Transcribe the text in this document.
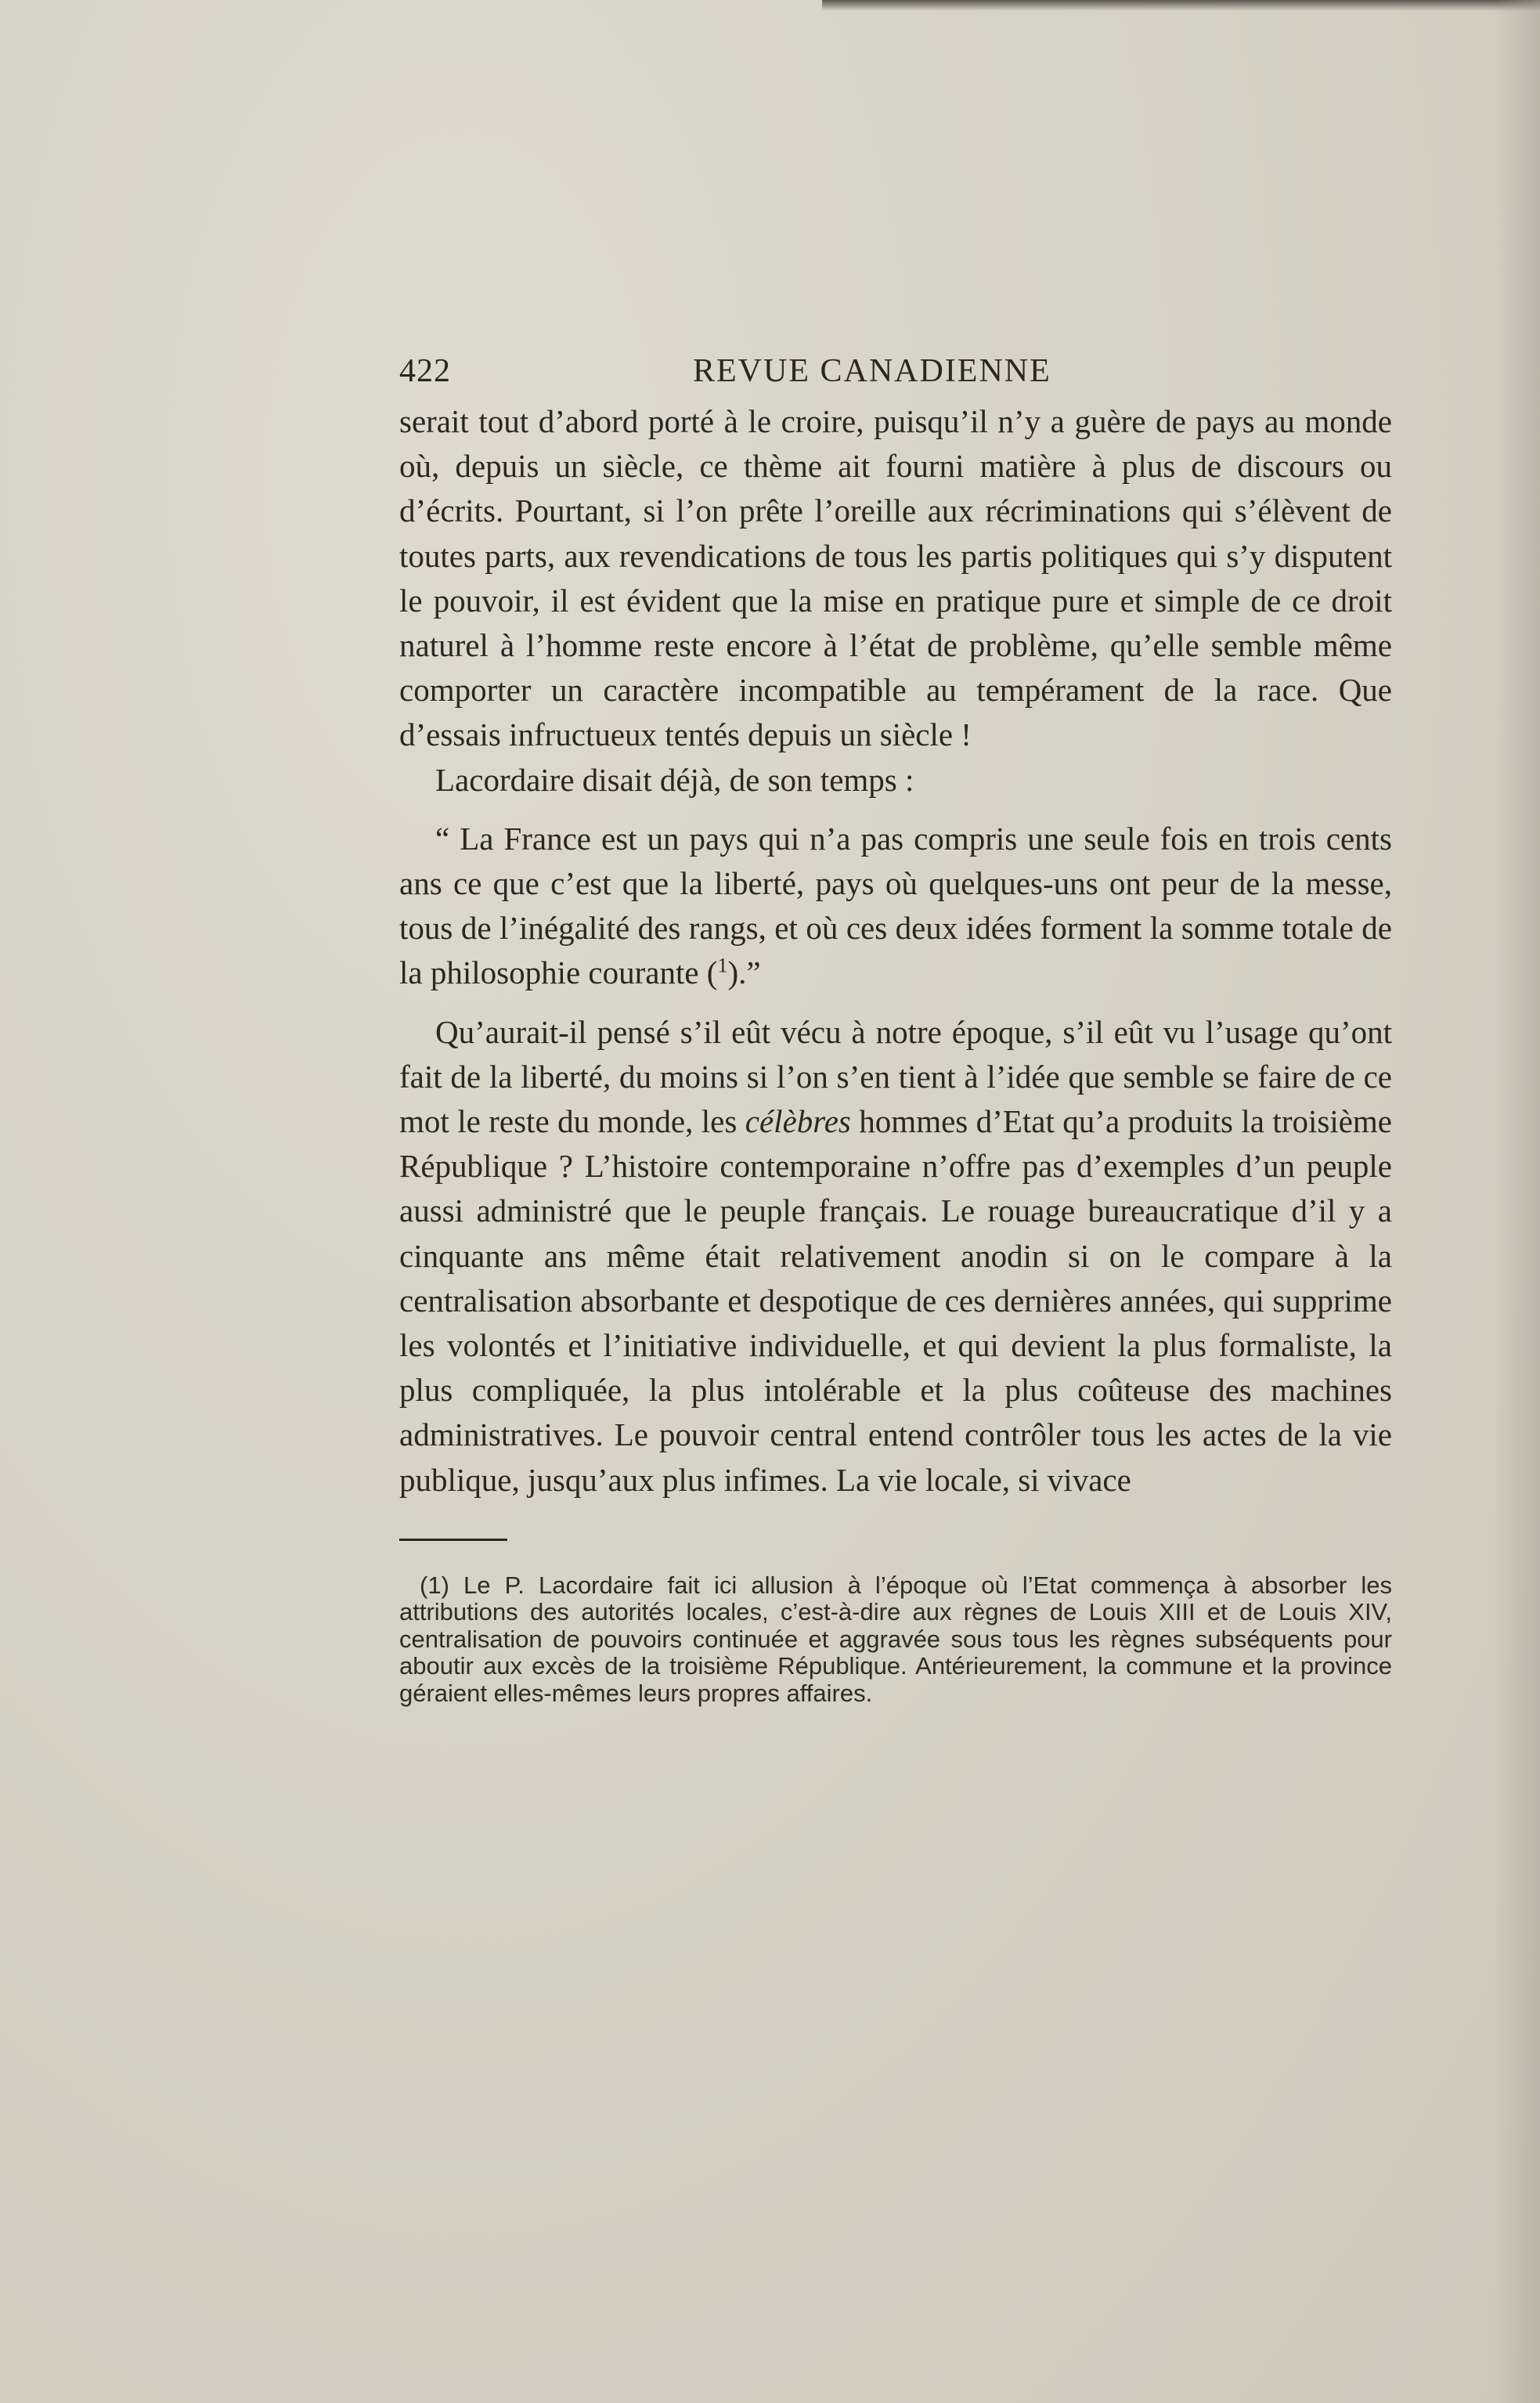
422	REVUE CANADIENNE

serait tout d’abord porté à le croire, puisqu’il n’y a guère de pays au monde où, depuis un siècle, ce thème ait fourni matière à plus de discours ou d’écrits. Pourtant, si l’on prête l’oreille aux récriminations qui s’élèvent de toutes parts, aux revendications de tous les partis politiques qui s’y disputent le pouvoir, il est évident que la mise en pratique pure et simple de ce droit naturel à l’homme reste encore à l’état de problème, qu’elle semble même comporter un caractère incompatible au tempérament de la race. Que d’essais infructueux tentés depuis un siècle !

Lacordaire disait déjà, de son temps :

“ La France est un pays qui n’a pas compris une seule fois en trois cents ans ce que c’est que la liberté, pays où quelques-uns ont peur de la messe, tous de l’inégalité des rangs, et où ces deux idées forment la somme totale de la philosophie courante ($^1$).”

Qu’aurait-il pensé s’il eût vécu à notre époque, s’il eût vu l’usage qu’ont fait de la liberté, du moins si l’on s’en tient à l’idée que semble se faire de ce mot le reste du monde, les célèbres hommes d’Etat qu’a produits la troisième République ? L’histoire contemporaine n’offre pas d’exemples d’un peuple aussi administré que le peuple français. Le rouage bureaucratique d’il y a cinquante ans même était relativement anodin si on le compare à la centralisation absorbante et despotique de ces dernières années, qui supprime les volontés et l’initiative individuelle, et qui devient la plus formaliste, la plus compliquée, la plus intolérable et la plus coûteuse des machines administratives. Le pouvoir central entend contrôler tous les actes de la vie publique, jusqu’aux plus infimes. La vie locale, si vivace

(1) Le P. Lacordaire fait ici allusion à l’époque où l’Etat commença à absorber les attributions des autorités locales, c’est-à-dire aux règnes de Louis XIII et de Louis XIV, centralisation de pouvoirs continuée et aggravée sous tous les règnes subséquents pour aboutir aux excès de la troisième République. Antérieurement, la commune et la province géraient elles-mêmes leurs propres affaires.
